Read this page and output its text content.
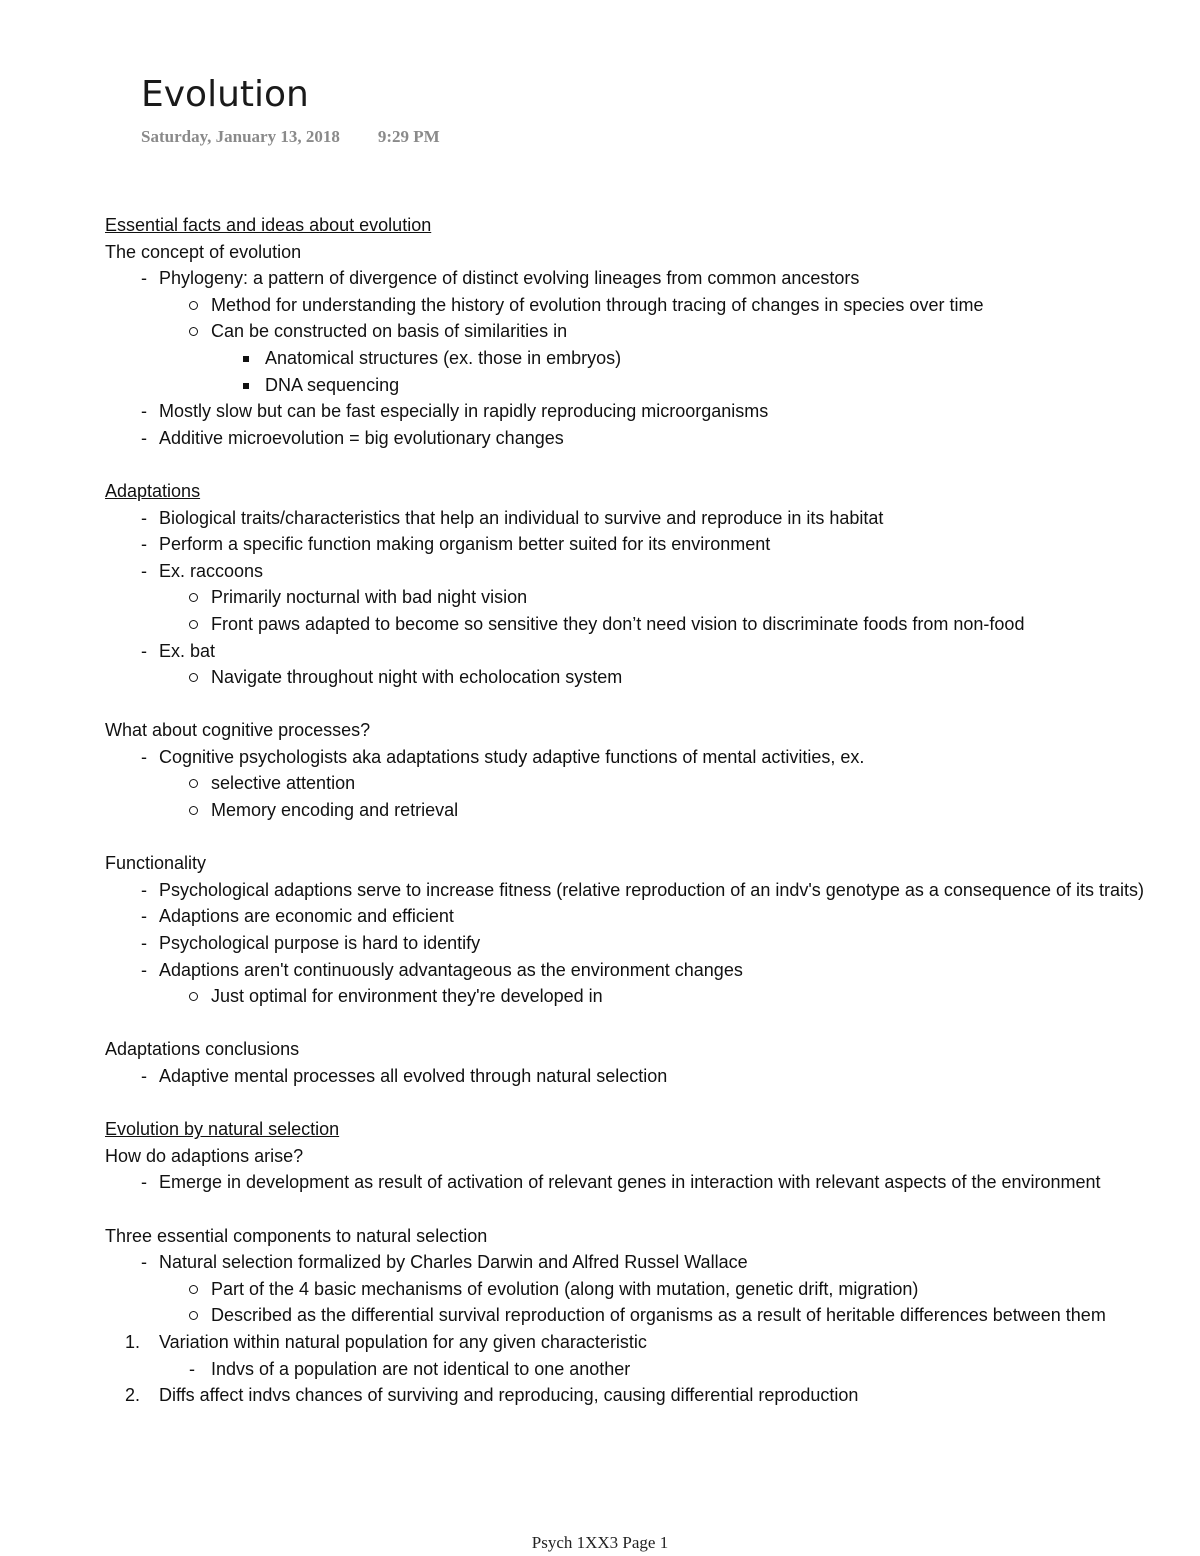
Evolution
Saturday, January 13, 2018 9:29 PM
Essential facts and ideas about evolution
The concept of evolution
-
Phylogeny: a pattern of divergence of distinct evolving lineages from common ancestors
Method for understanding the history of evolution through tracing of changes in species over time
Can be constructed on basis of similarities in
Anatomical structures (ex. those in embryos)
DNA sequencing
-
Mostly slow but can be fast especially in rapidly reproducing microorganisms
-
Additive microevolution = big evolutionary changes
Adaptations
-
Biological traits/characteristics that help an individual to survive and reproduce in its habitat
-
Perform a specific function making organism better suited for its environment
-
Ex. raccoons
Primarily nocturnal with bad night vision
Front paws adapted to become so sensitive they don’t need vision to discriminate foods from non-food
-
Ex. bat
Navigate throughout night with echolocation system
What about cognitive processes?
-
Cognitive psychologists aka adaptations study adaptive functions of mental activities, ex.
selective attention
Memory encoding and retrieval
Functionality
-
Psychological adaptions serve to increase fitness (relative reproduction of an indv's genotype as a consequence of its traits)
-
Adaptions are economic and efficient
-
Psychological purpose is hard to identify
-
Adaptions aren't continuously advantageous as the environment changes
Just optimal for environment they're developed in
Adaptations conclusions
-
Adaptive mental processes all evolved through natural selection
Evolution by natural selection
How do adaptions arise?
-
Emerge in development as result of activation of relevant genes in interaction with relevant aspects of the environment
Three essential components to natural selection
-
Natural selection formalized by Charles Darwin and Alfred Russel Wallace
Part of the 4 basic mechanisms of evolution (along with mutation, genetic drift, migration)
Described as the differential survival reproduction of organisms as a result of heritable differences between them
1. Variation within natural population for any given characteristic
-
Indvs of a population are not identical to one another
2. Diffs affect indvs chances of surviving and reproducing, causing differential reproduction
Psych 1XX3 Page 1
